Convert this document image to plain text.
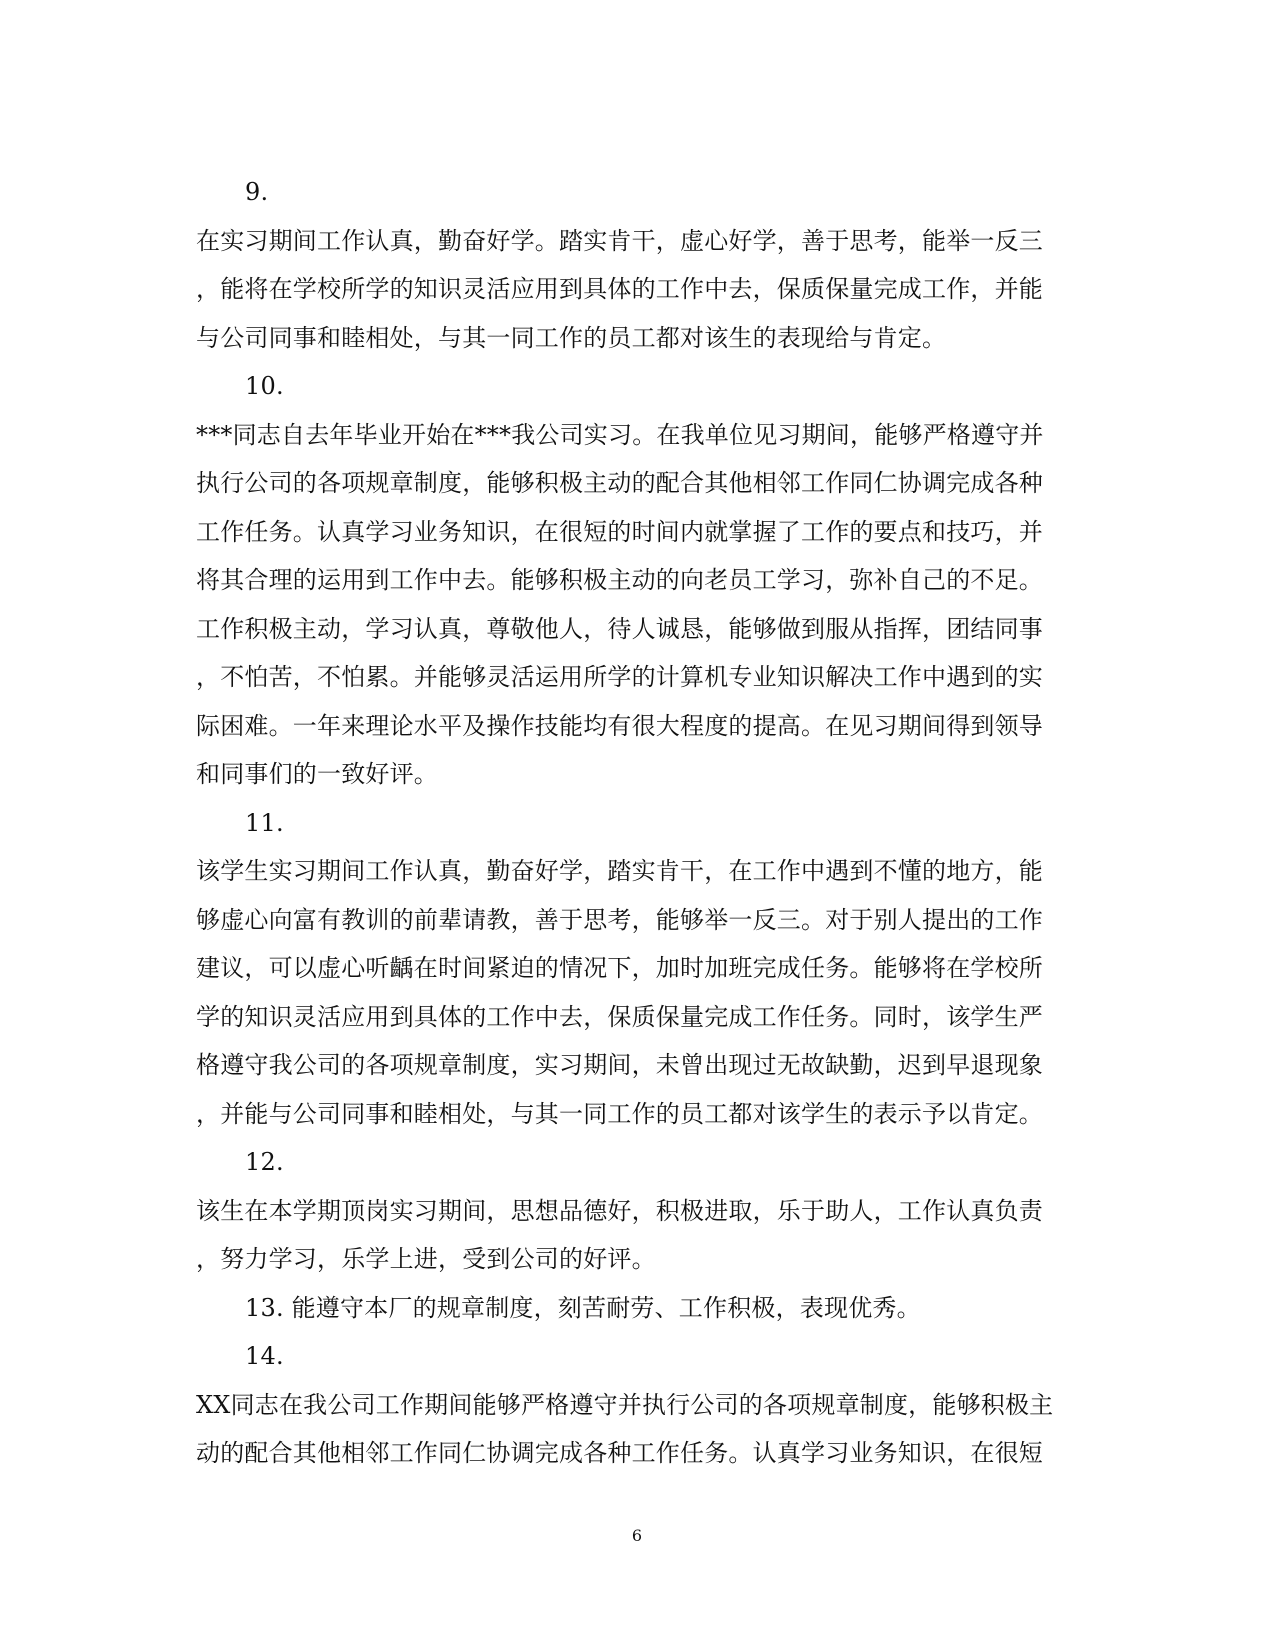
9.
在实习期间工作认真，勤奋好学。踏实肯干，虚心好学，善于思考，能举一反三
，能将在学校所学的知识灵活应用到具体的工作中去，保质保量完成工作，并能
与公司同事和睦相处，与其一同工作的员工都对该生的表现给与肯定。
10.
***同志自去年毕业开始在***我公司实习。在我单位见习期间，能够严格遵守并
执行公司的各项规章制度，能够积极主动的配合其他相邻工作同仁协调完成各种
工作任务。认真学习业务知识，在很短的时间内就掌握了工作的要点和技巧，并
将其合理的运用到工作中去。能够积极主动的向老员工学习，弥补自己的不足。
工作积极主动，学习认真，尊敬他人，待人诚恳，能够做到服从指挥，团结同事
，不怕苦，不怕累。并能够灵活运用所学的计算机专业知识解决工作中遇到的实
际困难。一年来理论水平及操作技能均有很大程度的提高。在见习期间得到领导
和同事们的一致好评。
11.
该学生实习期间工作认真，勤奋好学，踏实肯干，在工作中遇到不懂的地方，能
够虚心向富有教训的前辈请教，善于思考，能够举一反三。对于别人提出的工作
建议，可以虚心听齲在时间紧迫的情况下，加时加班完成任务。能够将在学校所
学的知识灵活应用到具体的工作中去，保质保量完成工作任务。同时，该学生严
格遵守我公司的各项规章制度，实习期间，未曾出现过无故缺勤，迟到早退现象
，并能与公司同事和睦相处，与其一同工作的员工都对该学生的表示予以肯定。
12.
该生在本学期顶岗实习期间，思想品德好，积极进取，乐于助人，工作认真负责
，努力学习，乐学上进，受到公司的好评。
13. 能遵守本厂的规章制度，刻苦耐劳、工作积极，表现优秀。
14.
XX同志在我公司工作期间能够严格遵守并执行公司的各项规章制度，能够积极主
动的配合其他相邻工作同仁协调完成各种工作任务。认真学习业务知识，在很短
6
